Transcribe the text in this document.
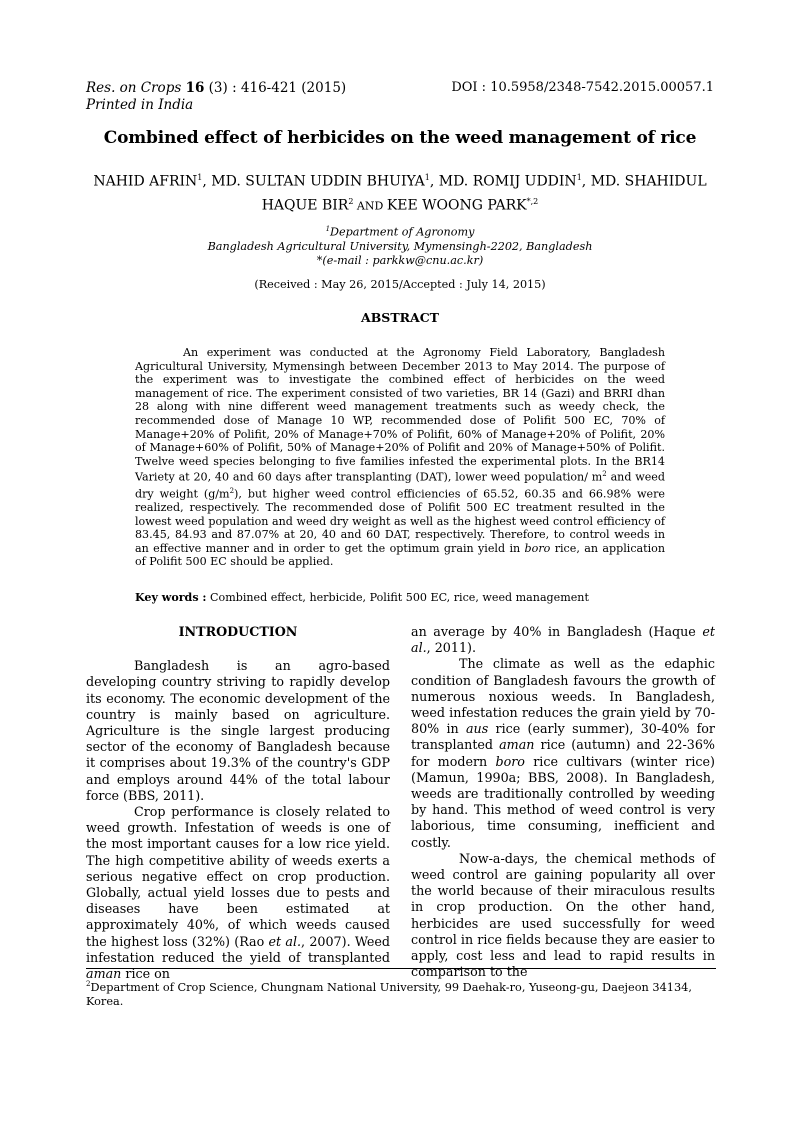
Res. on Crops 16 (3) : 416-421 (2015)
Printed in India
DOI : 10.5958/2348-7542.2015.00057.1
Combined effect of herbicides on the weed management of rice
NAHID AFRIN$^1$, MD. SULTAN UDDIN BHUIYA$^1$, MD. ROMIJ UDDIN$^1$, MD. SHAHIDUL
HAQUE BIR$^2$ AND KEE WOONG $PARK^{*,2}$
$^1$Department of Agronomy
Bangladesh Agricultural University, Mymensingh-2202, Bangladesh
*(e-mail : parkkw@cnu.ac.kr)
(Received : May 26, 2015/Accepted : July 14, 2015)
ABSTRACT
An experiment was conducted at the Agronomy Field Laboratory, Bangladesh Agricultural University, Mymensingh between December 2013 to May 2014. The purpose of the experiment was to investigate the combined effect of herbicides on the weed management of rice. The experiment consisted of two varieties, BR 14 (Gazi) and BRRI dhan 28 along with nine different weed management treatments such as weedy check, the recommended dose of Manage 10 WP, recommended dose of Polifit 500 EC, 70% of Manage+20% of Polifit, 20% of Manage+70% of Polifit, 60% of Manage+20% of Polifit, 20% of Manage+60% of Polifit, 50% of Manage+20% of Polifit and 20% of Manage+50% of Polifit. Twelve weed species belonging to five families infested the experimental plots. In the BR14 Variety at 20, 40 and 60 days after transplanting (DAT), lower weed population/ $m^2$ and weed dry weight $(g/m^2)$, but higher weed control efficiencies of 65.52, 60.35 and 66.98% were realized, respectively. The recommended dose of Polifit 500 EC treatment resulted in the lowest weed population and weed dry weight as well as the highest weed control efficiency of 83.45, 84.93 and 87.07% at 20, 40 and 60 DAT, respectively. Therefore, to control weeds in an effective manner and in order to get the optimum grain yield in boro rice, an application of Polifit 500 EC should be applied.
Key words : Combined effect, herbicide, Polifit 500 EC, rice, weed management
INTRODUCTION

Bangladesh is an agro-based developing country striving to rapidly develop its economy. The economic development of the country is mainly based on agriculture. Agriculture is the single largest producing sector of the economy of Bangladesh because it comprises about 19.3% of the country's GDP and employs around 44% of the total labour force (BBS, 2011).

Crop performance is closely related to weed growth. Infestation of weeds is one of the most important causes for a low rice yield. The high competitive ability of weeds exerts a serious negative effect on crop production. Globally, actual yield losses due to pests and diseases have been estimated at approximately 40%, of which weeds caused the highest loss (32%) (Rao et al., 2007). Weed infestation reduced the yield of transplanted aman rice on

an average by 40% in Bangladesh (Haque et al., 2011).

The climate as well as the edaphic condition of Bangladesh favours the growth of numerous noxious weeds. In Bangladesh, weed infestation reduces the grain yield by 70-80% in aus rice (early summer), 30-40% for transplanted aman rice (autumn) and 22-36% for modern boro rice cultivars (winter rice) (Mamun, 1990a; BBS, 2008). In Bangladesh, weeds are traditionally controlled by weeding by hand. This method of weed control is very laborious, time consuming, inefficient and costly.

Now-a-days, the chemical methods of weed control are gaining popularity all over the world because of their miraculous results in crop production. On the other hand, herbicides are used successfully for weed control in rice fields because they are easier to apply, cost less and lead to rapid results in comparison to the

$^2$Department of Crop Science, Chungnam National University, 99 Daehak-ro, Yuseong-gu, Daejeon 34134, Korea.
